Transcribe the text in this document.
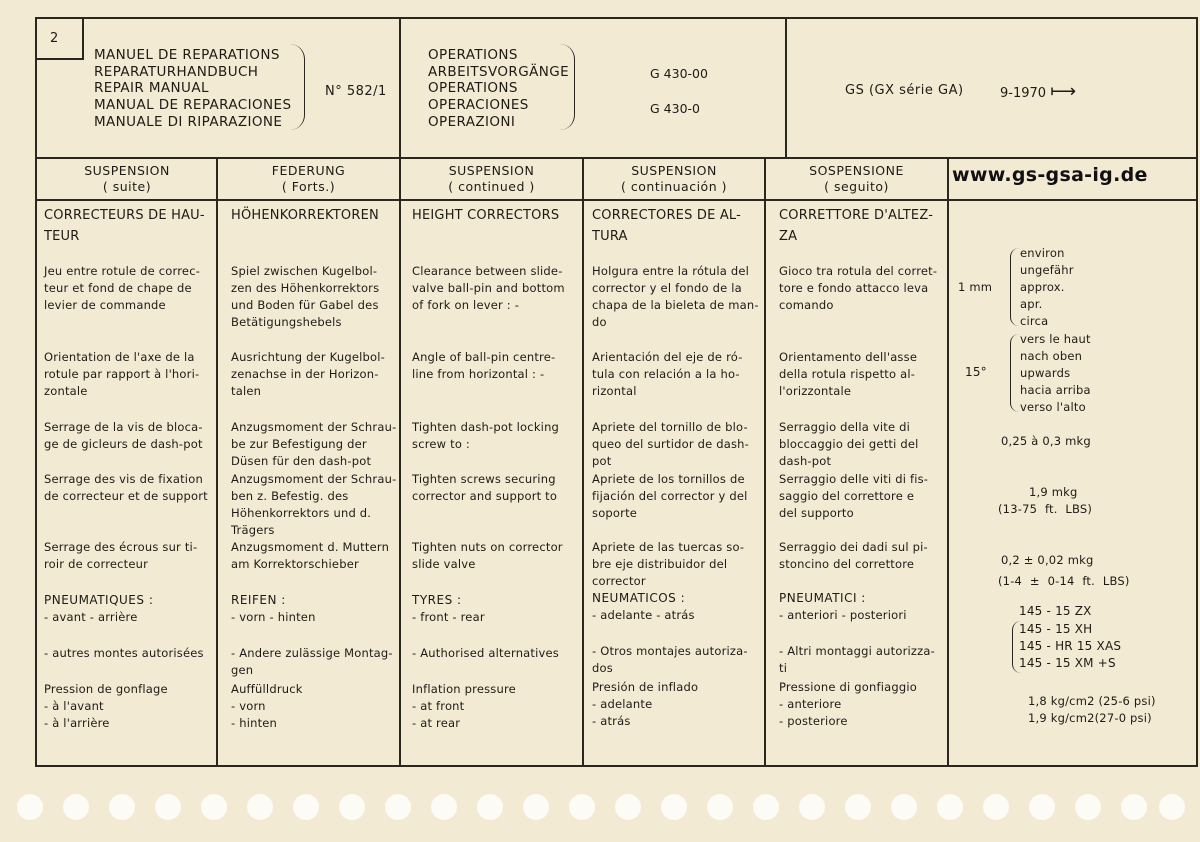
2
MANUEL DE REPARATIONS
REPARATURHANDBUCH
REPAIR MANUAL
MANUAL DE REPARACIONES
MANUALE DI RIPARAZIONE
N° 582/1
OPERATIONS
ARBEITSVORGÄNGE
OPERATIONS
OPERACIONES
OPERAZIONI
G 430-00
G 430-0
GS (GX série GA)	9-1970 ⟼
SUSPENSION
( suite)
FEDERUNG
( Forts.)
SUSPENSION
( continued )
SUSPENSION
( continuación )
SOSPENSIONE
( seguito)
www.gs-gsa-ig.de
CORRECTEURS DE HAU-
TEUR
Jeu entre rotule de correc-
teur et fond de chape de
levier de commande
Orientation de l'axe de la
rotule par rapport à l'hori-
zontale
Serrage de la vis de bloca-
ge de gicleurs de dash-pot
Serrage des vis de fixation
de correcteur et de support
Serrage des écrous sur ti-
roir de correcteur
PNEUMATIQUES :
- avant - arrière
- autres montes autorisées
Pression de gonflage
- à l'avant
- à l'arrière
HÖHENKORREKTOREN
Spiel zwischen Kugelbol-
zen des Höhenkorrektors
und Boden für Gabel des
Betätigungshebels
Ausrichtung der Kugelbol-
zenachse in der Horizon-
talen
Anzugsmoment der Schrau-
be zur Befestigung der
Düsen für den dash-pot
Anzugsmoment der Schrau-
ben z. Befestig. des
Höhenkorrektors und d.
Trägers
Anzugsmoment d. Muttern
am Korrektorschieber
REIFEN :
- vorn - hinten
- Andere zulässige Montag-
gen
Auffülldruck
- vorn
- hinten
HEIGHT CORRECTORS
Clearance between slide-
valve ball-pin and bottom
of fork on lever : -
Angle of ball-pin centre-
line from horizontal : -
Tighten dash-pot locking
screw to :
Tighten screws securing
corrector and support to
Tighten nuts on corrector
slide valve
TYRES :
- front - rear
- Authorised alternatives
Inflation pressure
- at front
- at rear
CORRECTORES DE AL-
TURA
Holgura entre la rótula del
corrector y el fondo de la
chapa de la bieleta de man-
do
Arientación del eje de ró-
tula con relación a la ho-
rizontal
Apriete del tornillo de blo-
queo del surtidor de dash-
pot
Apriete de los tornillos de
fijación del corrector y del
soporte
Apriete de las tuercas so-
bre eje distribuidor del
corrector
NEUMATICOS :
- adelante - atrás
- Otros montajes autoriza-
dos
Presión de inflado
- adelante
- atrás
CORRETTORE D'ALTEZ-
ZA
Gioco tra rotula del corret-
tore e fondo attacco leva
comando
Orientamento dell'asse
della rotula rispetto al-
l'orizzontale
Serraggio della vite di
bloccaggio dei getti del
dash-pot
Serraggio delle viti di fis-
saggio del correttore e
del supporto
Serraggio dei dadi sul pi-
stoncino del correttore
PNEUMATICI :
- anteriori - posteriori
- Altri montaggi autorizza-
ti
Pressione di gonfiaggio
- anteriore
- posteriore
1 mm
environ
ungefähr
approx.
apr.
circa
15°
vers le haut
nach oben
upwards
hacia arriba
verso l'alto
0,25 à 0,3 mkg
1,9 mkg
(13-75 ft. LBS)
0,2 ± 0,02 mkg
(1-4 ± 0-14 ft. LBS)
145 - 15 ZX
145 - 15 XH
145 - HR 15 XAS
145 - 15 XM +S
1,8 kg/cm2 (25-6 psi)
1,9 kg/cm2(27-0 psi)
